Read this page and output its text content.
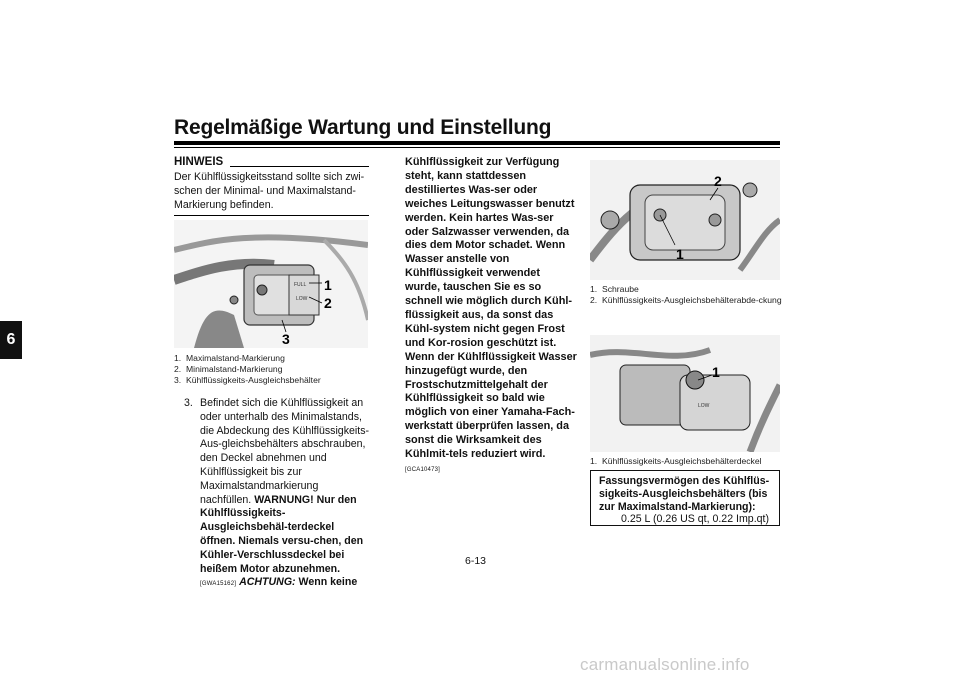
Regelmäßige Wartung und Einstellung
6
HINWEIS
Der Kühlflüssigkeitsstand sollte sich zwi-schen der Minimal- und Maximalstand-Markierung befinden.
FULL
LOW
1
2
3
1. Maximalstand-Markierung
2. Minimalstand-Markierung
3. Kühlflüssigkeits-Ausgleichsbehälter
3. Befindet sich die Kühlflüssigkeit an oder unterhalb des Minimalstands, die Abdeckung des Kühlflüssigkeits-Aus-gleichsbehälters abschrauben, den Deckel abnehmen und Kühlflüssigkeit bis zur Maximalstandmarkierung nachfüllen. WARNUNG! Nur den Kühlflüssigkeits-Ausgleichsbehäl-terdeckel öffnen. Niemals versu-chen, den Kühler-Verschlussdeckel bei heißem Motor abzunehmen. [GWA15162] ACHTUNG: Wenn keine
Kühlflüssigkeit zur Verfügung steht, kann stattdessen destilliertes Was-ser oder weiches Leitungswasser benutzt werden. Kein hartes Was-ser oder Salzwasser verwenden, da dies dem Motor schadet. Wenn Wasser anstelle von Kühlflüssigkeit verwendet wurde, tauschen Sie es so schnell wie möglich durch Kühl-flüssigkeit aus, da sonst das Kühl-system nicht gegen Frost und Kor-rosion geschützt ist. Wenn der Kühlflüssigkeit Wasser hinzugefügt wurde, den Frostschutzmittelgehalt der Kühlflüssigkeit so bald wie möglich von einer Yamaha-Fach-werkstatt überprüfen lassen, da sonst die Wirksamkeit des Kühlmit-tels reduziert wird. [GCA10473]
1
2
1. Schraube
2. Kühlflüssigkeits-Ausgleichsbehälterabde-ckung
LOW
1
1. Kühlflüssigkeits-Ausgleichsbehälterdeckel
Fassungsvermögen des Kühlflüs-sigkeits-Ausgleichsbehälters (bis zur Maximalstand-Markierung):
0.25 L (0.26 US qt, 0.22 Imp.qt)
6-13
carmanualsonline.info
